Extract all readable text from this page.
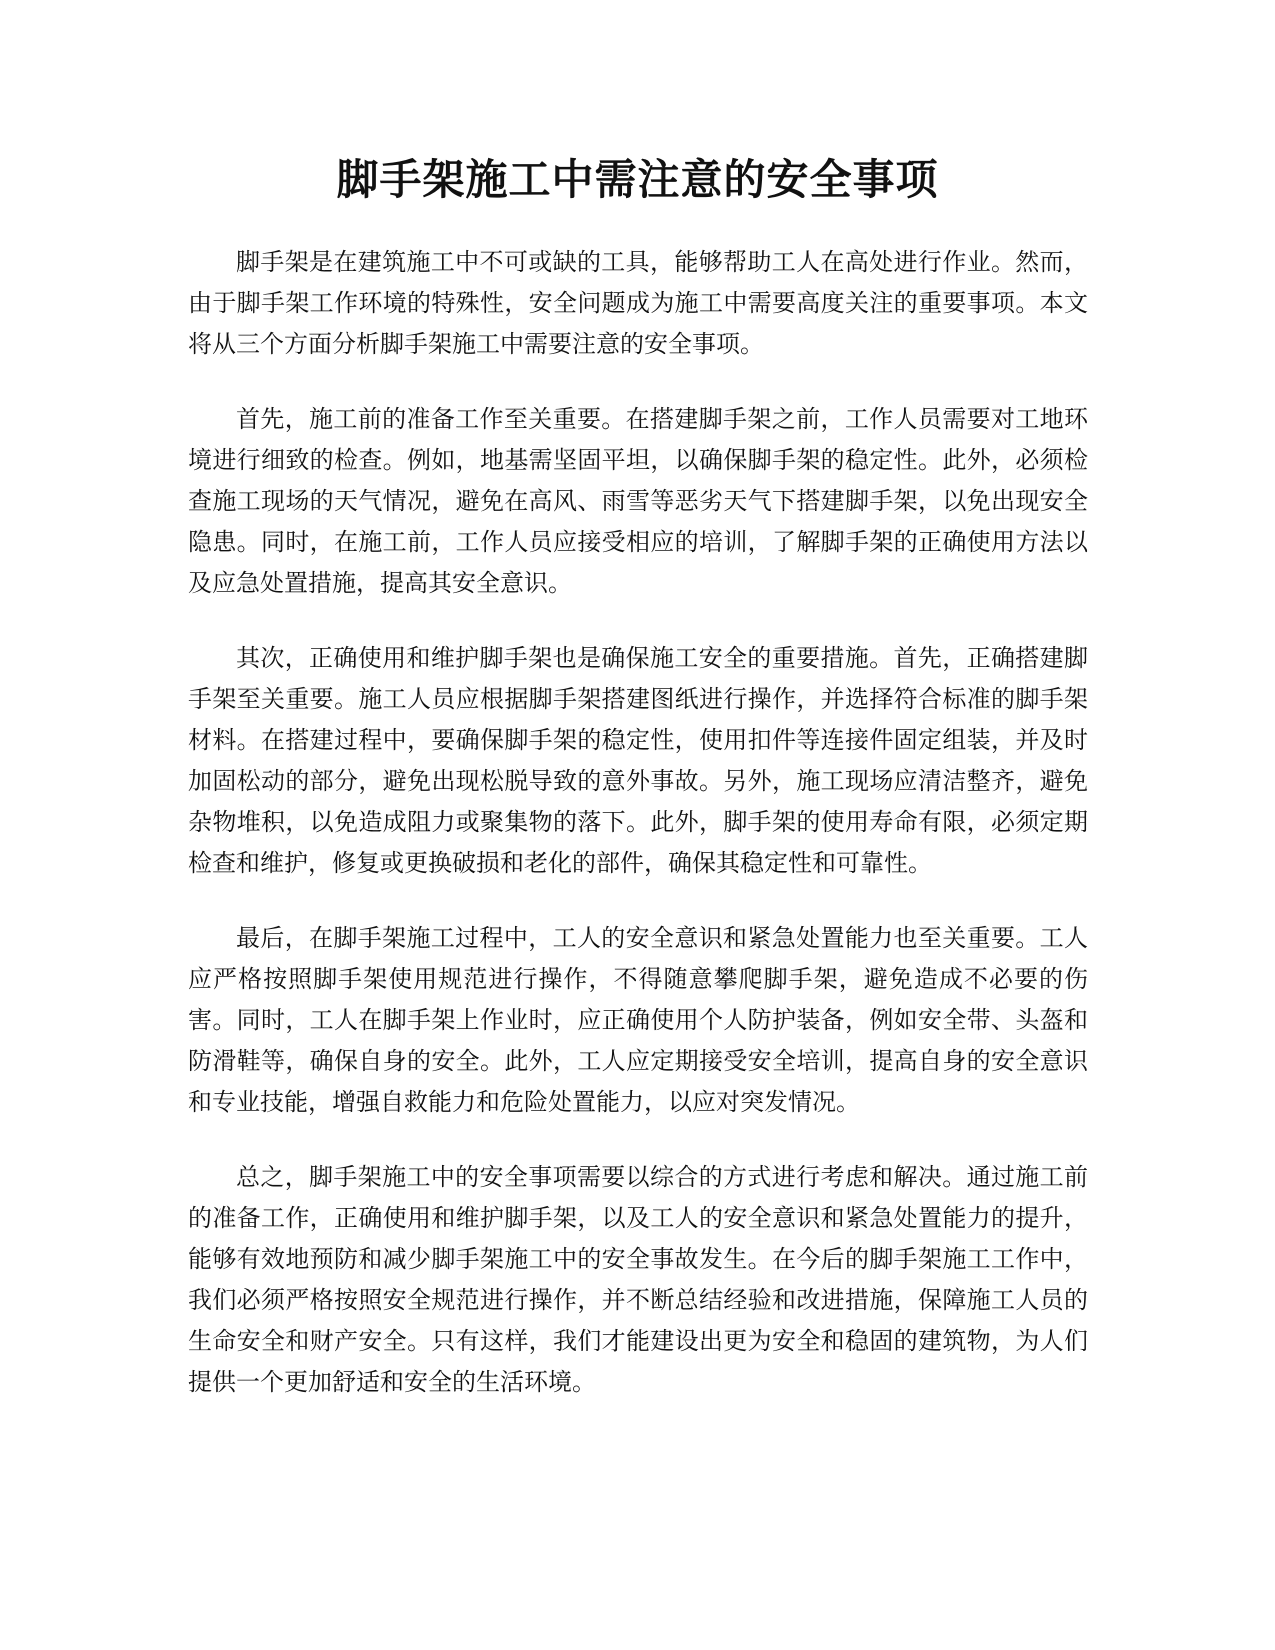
脚手架施工中需注意的安全事项

脚手架是在建筑施工中不可或缺的工具，能够帮助工人在高处进行作业。然而，由于脚手架工作环境的特殊性，安全问题成为施工中需要高度关注的重要事项。本文将从三个方面分析脚手架施工中需要注意的安全事项。

首先，施工前的准备工作至关重要。在搭建脚手架之前，工作人员需要对工地环境进行细致的检查。例如，地基需坚固平坦，以确保脚手架的稳定性。此外，必须检查施工现场的天气情况，避免在高风、雨雪等恶劣天气下搭建脚手架，以免出现安全隐患。同时，在施工前，工作人员应接受相应的培训，了解脚手架的正确使用方法以及应急处置措施，提高其安全意识。

其次，正确使用和维护脚手架也是确保施工安全的重要措施。首先，正确搭建脚手架至关重要。施工人员应根据脚手架搭建图纸进行操作，并选择符合标准的脚手架材料。在搭建过程中，要确保脚手架的稳定性，使用扣件等连接件固定组装，并及时加固松动的部分，避免出现松脱导致的意外事故。另外，施工现场应清洁整齐，避免杂物堆积，以免造成阻力或聚集物的落下。此外，脚手架的使用寿命有限，必须定期检查和维护，修复或更换破损和老化的部件，确保其稳定性和可靠性。

最后，在脚手架施工过程中，工人的安全意识和紧急处置能力也至关重要。工人应严格按照脚手架使用规范进行操作，不得随意攀爬脚手架，避免造成不必要的伤害。同时，工人在脚手架上作业时，应正确使用个人防护装备，例如安全带、头盔和防滑鞋等，确保自身的安全。此外，工人应定期接受安全培训，提高自身的安全意识和专业技能，增强自救能力和危险处置能力，以应对突发情况。

总之，脚手架施工中的安全事项需要以综合的方式进行考虑和解决。通过施工前的准备工作，正确使用和维护脚手架，以及工人的安全意识和紧急处置能力的提升，能够有效地预防和减少脚手架施工中的安全事故发生。在今后的脚手架施工工作中，我们必须严格按照安全规范进行操作，并不断总结经验和改进措施，保障施工人员的生命安全和财产安全。只有这样，我们才能建设出更为安全和稳固的建筑物，为人们提供一个更加舒适和安全的生活环境。
